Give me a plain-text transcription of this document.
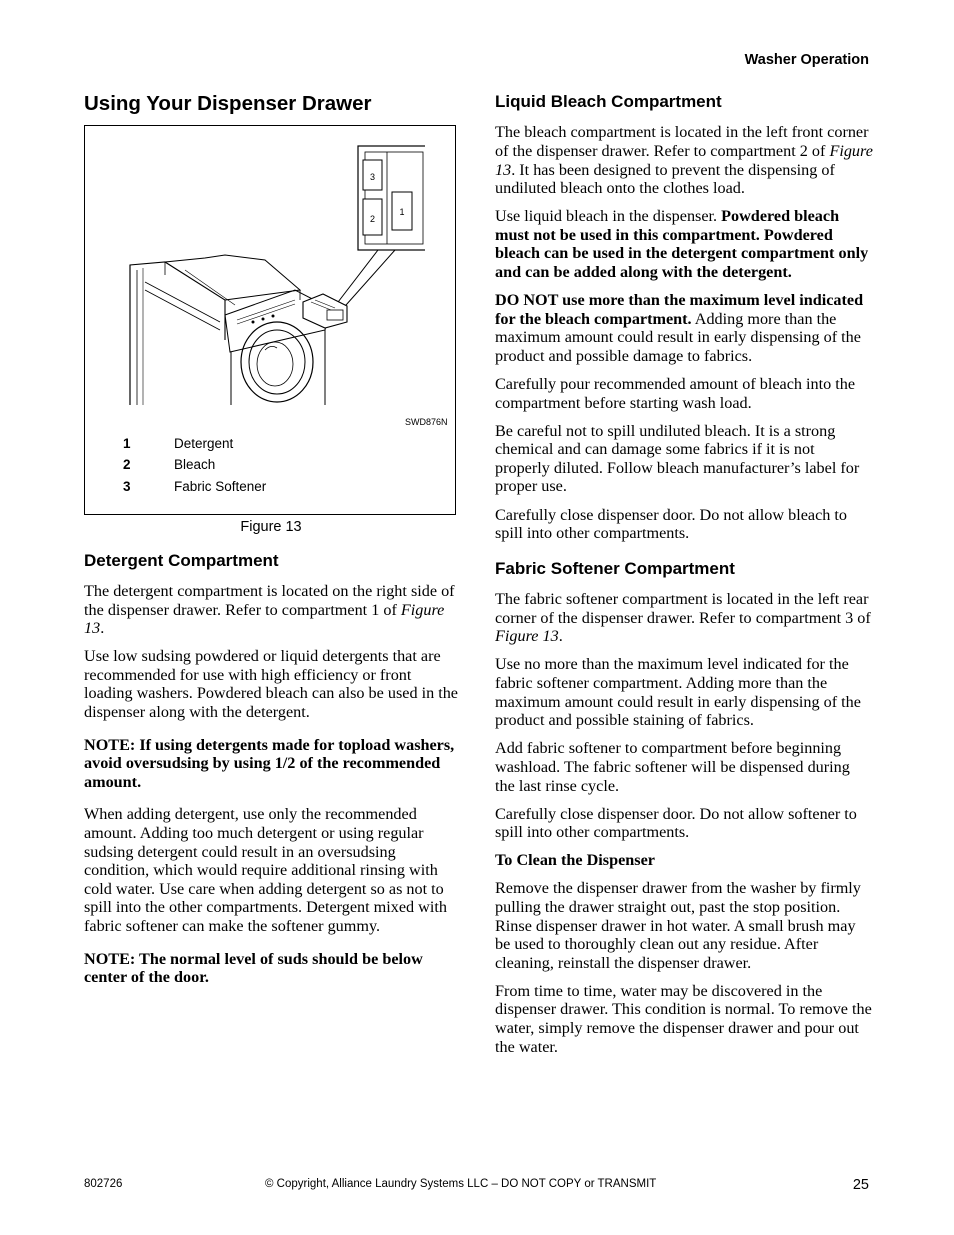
Washer Operation
Using Your Dispenser Drawer
3
2
1
SWD876N
1	Detergent
2	Bleach
3	Fabric Softener
Figure 13
Detergent Compartment

The detergent compartment is located on the right side of the dispenser drawer. Refer to compartment 1 of Figure 13.

Use low sudsing powdered or liquid detergents that are recommended for use with high efficiency or front loading washers. Powdered bleach can also be used in the dispenser along with the detergent.

NOTE: If using detergents made for topload washers, avoid oversudsing by using 1/2 of the recommended amount.

When adding detergent, use only the recommended amount. Adding too much detergent or using regular sudsing detergent could result in an oversudsing condition, which would require additional rinsing with cold water. Use care when adding detergent so as not to spill into the other compartments. Detergent mixed with fabric softener can make the softener gummy.

NOTE: The normal level of suds should be below center of the door.

Liquid Bleach Compartment

The bleach compartment is located in the left front corner of the dispenser drawer. Refer to compartment 2 of Figure 13. It has been designed to prevent the dispensing of undiluted bleach onto the clothes load.

Use liquid bleach in the dispenser. Powdered bleach must not be used in this compartment. Powdered bleach can be used in the detergent compartment only and can be added along with the detergent.

DO NOT use more than the maximum level indicated for the bleach compartment. Adding more than the maximum amount could result in early dispensing of the product and possible damage to fabrics.

Carefully pour recommended amount of bleach into the compartment before starting wash load.

Be careful not to spill undiluted bleach. It is a strong chemical and can damage some fabrics if it is not properly diluted. Follow bleach manufacturer’s label for proper use.

Carefully close dispenser door. Do not allow bleach to spill into other compartments.

Fabric Softener Compartment

The fabric softener compartment is located in the left rear corner of the dispenser drawer. Refer to compartment 3 of Figure 13.

Use no more than the maximum level indicated for the fabric softener compartment. Adding more than the maximum amount could result in early dispensing of the product and possible staining of fabrics.

Add fabric softener to compartment before beginning washload. The fabric softener will be dispensed during the last rinse cycle.

Carefully close dispenser door. Do not allow softener to spill into other compartments.

To Clean the Dispenser

Remove the dispenser drawer from the washer by firmly pulling the drawer straight out, past the stop position. Rinse dispenser drawer in hot water. A small brush may be used to thoroughly clean out any residue. After cleaning, reinstall the dispenser drawer.

From time to time, water may be discovered in the dispenser drawer. This condition is normal. To remove the water, simply remove the dispenser drawer and pour out the water.

802726	© Copyright, Alliance Laundry Systems LLC – DO NOT COPY or TRANSMIT	25
